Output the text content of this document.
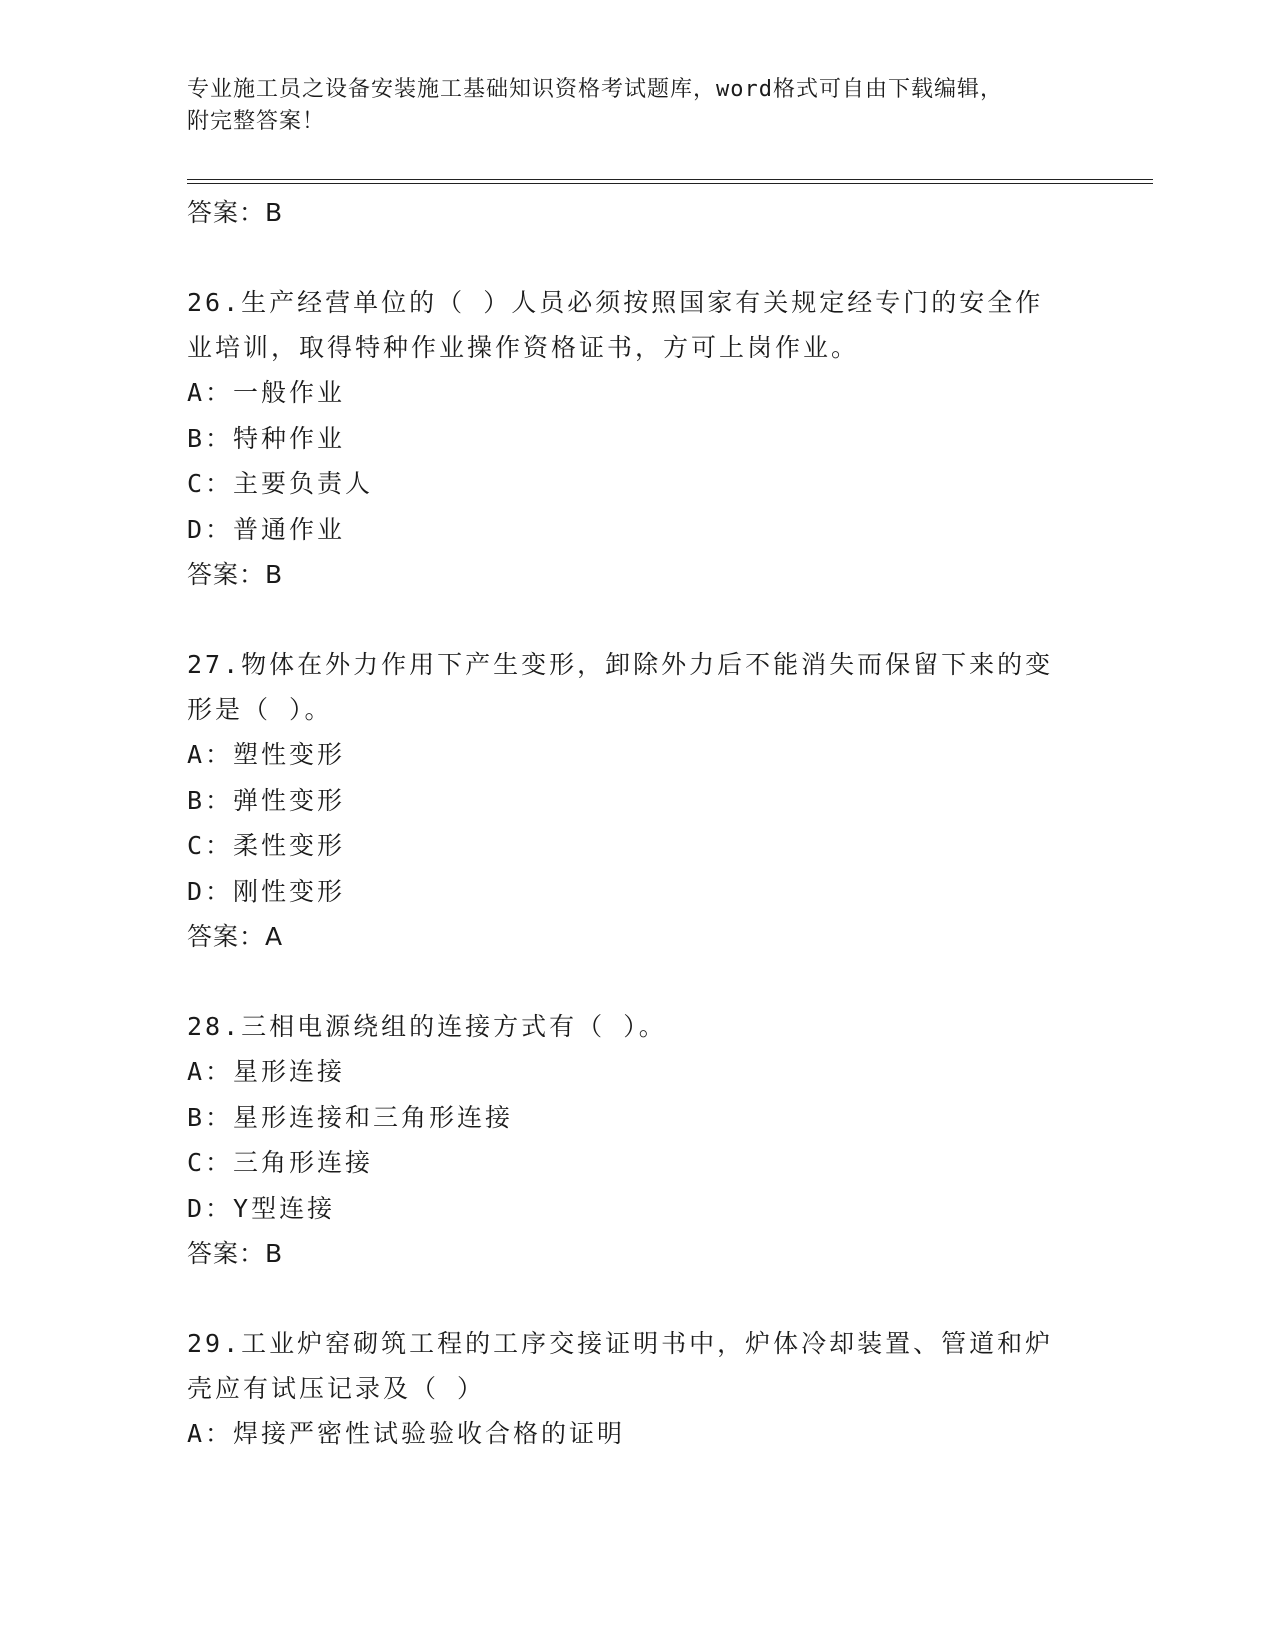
专业施工员之设备安装施工基础知识资格考试题库，word格式可自由下载编辑，
附完整答案！
答案：B
26.生产经营单位的（ ）人员必须按照国家有关规定经专门的安全作
业培训，取得特种作业操作资格证书，方可上岗作业。
A：一般作业
B：特种作业
C：主要负责人
D：普通作业
答案：B
27.物体在外力作用下产生变形，卸除外力后不能消失而保留下来的变
形是（ ）。
A：塑性变形
B：弹性变形
C：柔性变形
D：刚性变形
答案：A
28.三相电源绕组的连接方式有（ ）。
A：星形连接
B：星形连接和三角形连接
C：三角形连接
D：Y型连接
答案：B
29.工业炉窑砌筑工程的工序交接证明书中，炉体冷却装置、管道和炉
壳应有试压记录及（ ）
A：焊接严密性试验验收合格的证明
